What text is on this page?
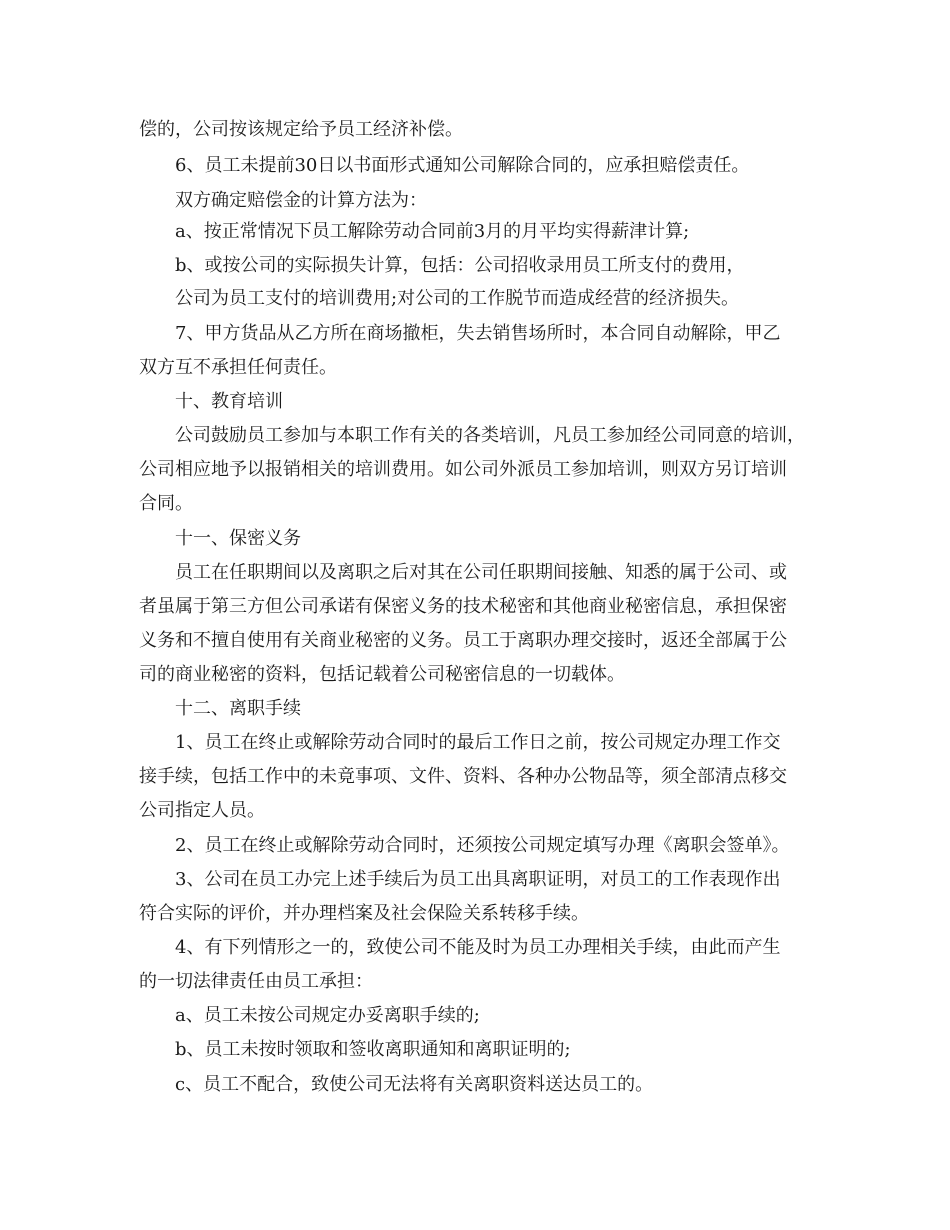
偿的，公司按该规定给予员工经济补偿。
6、员工未提前30日以书面形式通知公司解除合同的，应承担赔偿责任。
双方确定赔偿金的计算方法为：
a、按正常情况下员工解除劳动合同前3月的月平均实得薪津计算;
b、或按公司的实际损失计算，包括：公司招收录用员工所支付的费用，
公司为员工支付的培训费用;对公司的工作脱节而造成经营的经济损失。
7、甲方货品从乙方所在商场撤柜，失去销售场所时，本合同自动解除，甲乙
双方互不承担任何责任。
十、教育培训
公司鼓励员工参加与本职工作有关的各类培训，凡员工参加经公司同意的培训，
公司相应地予以报销相关的培训费用。如公司外派员工参加培训，则双方另订培训
合同。
十一、保密义务
员工在任职期间以及离职之后对其在公司任职期间接触、知悉的属于公司、或
者虽属于第三方但公司承诺有保密义务的技术秘密和其他商业秘密信息，承担保密
义务和不擅自使用有关商业秘密的义务。员工于离职办理交接时，返还全部属于公
司的商业秘密的资料，包括记载着公司秘密信息的一切载体。
十二、离职手续
1、员工在终止或解除劳动合同时的最后工作日之前，按公司规定办理工作交
接手续，包括工作中的未竟事项、文件、资料、各种办公物品等，须全部清点移交
公司指定人员。
2、员工在终止或解除劳动合同时，还须按公司规定填写办理《离职会签单》。
3、公司在员工办完上述手续后为员工出具离职证明，对员工的工作表现作出
符合实际的评价，并办理档案及社会保险关系转移手续。
4、有下列情形之一的，致使公司不能及时为员工办理相关手续，由此而产生
的一切法律责任由员工承担：
a、员工未按公司规定办妥离职手续的;
b、员工未按时领取和签收离职通知和离职证明的;
c、员工不配合，致使公司无法将有关离职资料送达员工的。
